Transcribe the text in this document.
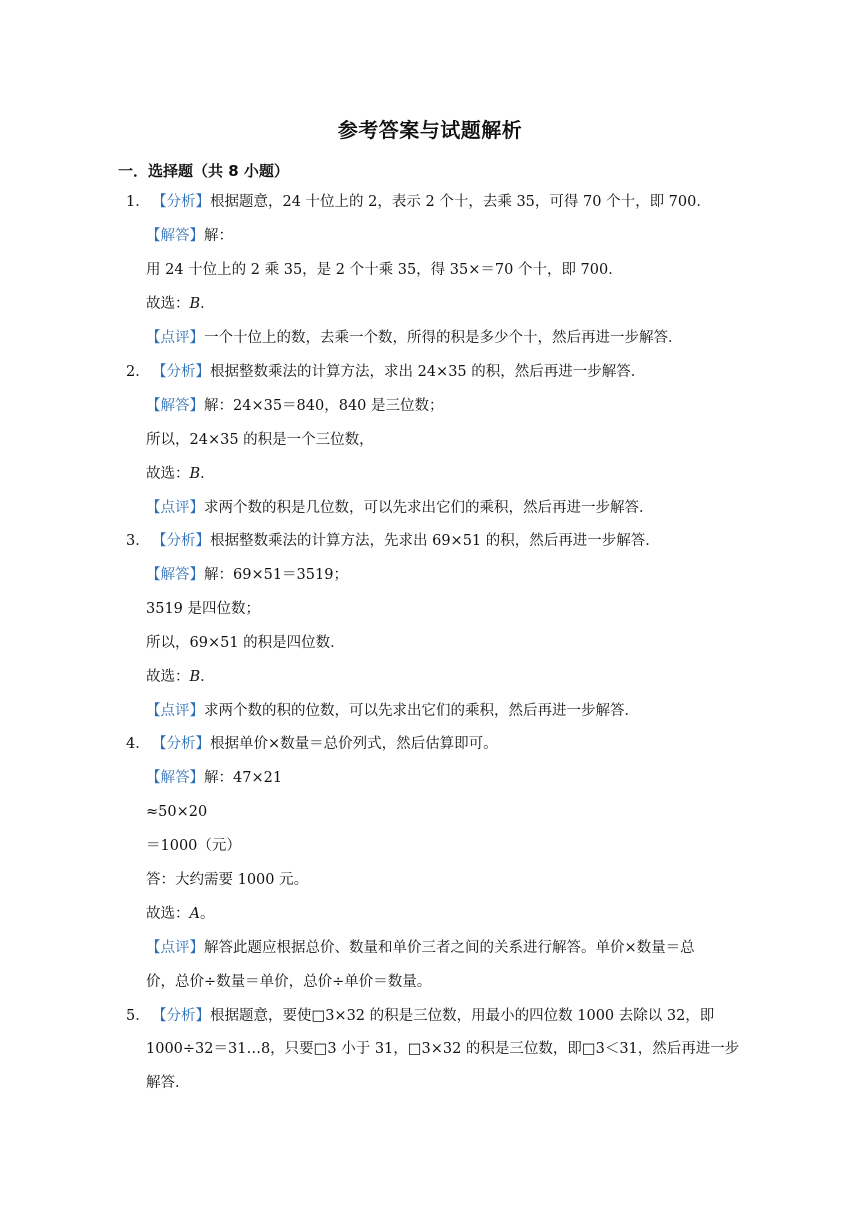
参考答案与试题解析
一．选择题（共 8 小题）
1． 【分析】根据题意，24 十位上的 2，表示 2 个十，去乘 35，可得 70 个十，即 700．
【解答】解：
用 24 十位上的 2 乘 35，是 2 个十乘 35，得 35×＝70 个十，即 700．
故选：B．
【点评】一个十位上的数，去乘一个数，所得的积是多少个十，然后再进一步解答．
2． 【分析】根据整数乘法的计算方法，求出 24×35 的积，然后再进一步解答．
【解答】解：24×35＝840，840 是三位数；
所以，24×35 的积是一个三位数，
故选：B．
【点评】求两个数的积是几位数，可以先求出它们的乘积，然后再进一步解答．
3． 【分析】根据整数乘法的计算方法，先求出 69×51 的积，然后再进一步解答．
【解答】解：69×51＝3519；
3519 是四位数；
所以，69×51 的积是四位数．
故选：B．
【点评】求两个数的积的位数，可以先求出它们的乘积，然后再进一步解答．
4． 【分析】根据单价×数量＝总价列式，然后估算即可。
【解答】解：47×21
≈50×20
＝1000（元）
答：大约需要 1000 元。
故选：A。
【点评】解答此题应根据总价、数量和单价三者之间的关系进行解答。单价×数量＝总
价，总价÷数量＝单价，总价÷单价＝数量。
5． 【分析】根据题意，要使□3×32 的积是三位数，用最小的四位数 1000 去除以 32，即
1000÷32＝31…8，只要□3 小于 31，□3×32 的积是三位数，即□3＜31，然后再进一步
解答．
